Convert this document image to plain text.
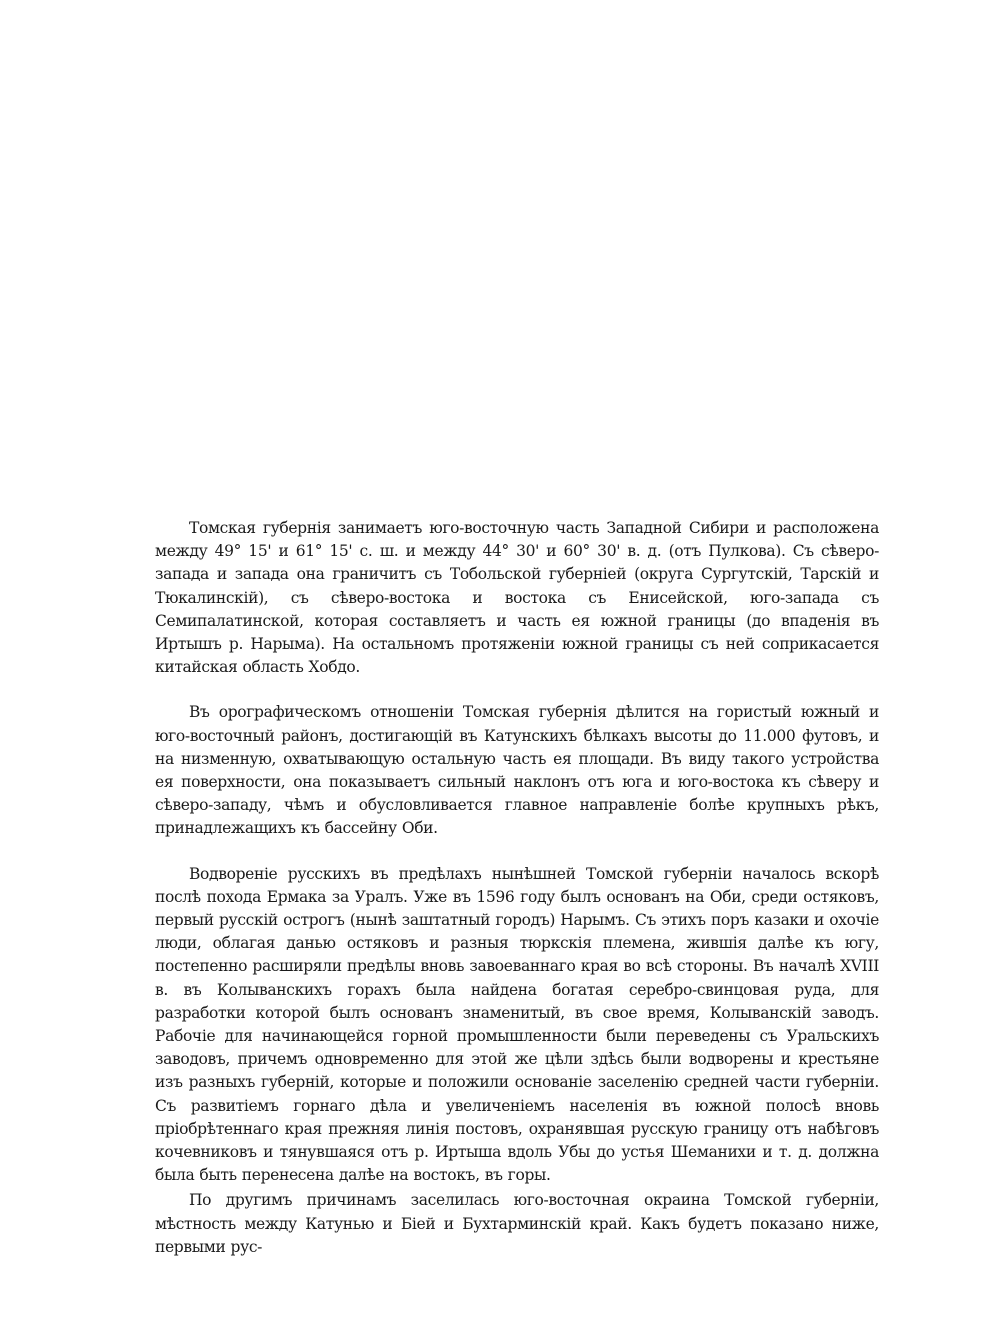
Томская губернія занимаетъ юго-восточную часть Западной Сибири и расположена между 49° 15' и 61° 15' с. ш. и между 44° 30' и 60° 30' в. д. (отъ Пулкова). Съ сѣверо-запада и запада она граничитъ съ Тобольской губерніей (округа Сургутскій, Тарскій и Тюкалинскій), съ сѣверо-востока и востока съ Енисейской, юго-запада съ Семипалатинской, которая составляетъ и часть ея южной границы (до впаденія въ Иртышъ р. Нарыма). На остальномъ протяженіи южной границы съ ней соприкасается китайская область Хобдо.

Въ орографическомъ отношеніи Томская губернія дѣлится на гористый южный и юго-восточный районъ, достигающій въ Катунскихъ бѣлкахъ высоты до 11.000 футовъ, и на низменную, охватывающую остальную часть ея площади. Въ виду такого устройства ея поверхности, она показываетъ сильный наклонъ отъ юга и юго-востока къ сѣверу и сѣверо-западу, чѣмъ и обусловливается главное направленіе болѣе крупныхъ рѣкъ, принадлежащихъ къ бассейну Оби.

Водвореніе русскихъ въ предѣлахъ нынѣшней Томской губерніи началось вскорѣ послѣ похода Ермака за Уралъ. Уже въ 1596 году былъ основанъ на Оби, среди остяковъ, первый русскій острогъ (нынѣ заштатный городъ) Нарымъ. Съ этихъ поръ казаки и охочіе люди, облагая данью остяковъ и разныя тюркскія племена, жившія далѣе къ югу, постепенно расширяли предѣлы вновь завоеваннаго края во всѣ стороны. Въ началѣ XVIII в. въ Колыванскихъ горахъ была найдена богатая серебро-свинцовая руда, для разработки которой былъ основанъ знаменитый, въ свое время, Колыванскій заводъ. Рабочіе для начинающейся горной промышленности были переведены съ Уральскихъ заводовъ, причемъ одновременно для этой же цѣли здѣсь были водворены и крестьяне изъ разныхъ губерній, которые и положили основаніе заселенію средней части губерніи. Съ развитіемъ горнаго дѣла и увеличеніемъ населенія въ южной полосѣ вновь пріобрѣтеннаго края прежняя линія постовъ, охранявшая русскую границу отъ набѣговъ кочевниковъ и тянувшаяся отъ р. Иртыша вдоль Убы до устья Шеманихи и т. д. должна была быть перенесена далѣе на востокъ, въ горы.

По другимъ причинамъ заселилась юго-восточная окраина Томской губерніи, мѣстность между Катунью и Біей и Бухтарминскій край. Какъ будетъ показано ниже, первыми рус-
